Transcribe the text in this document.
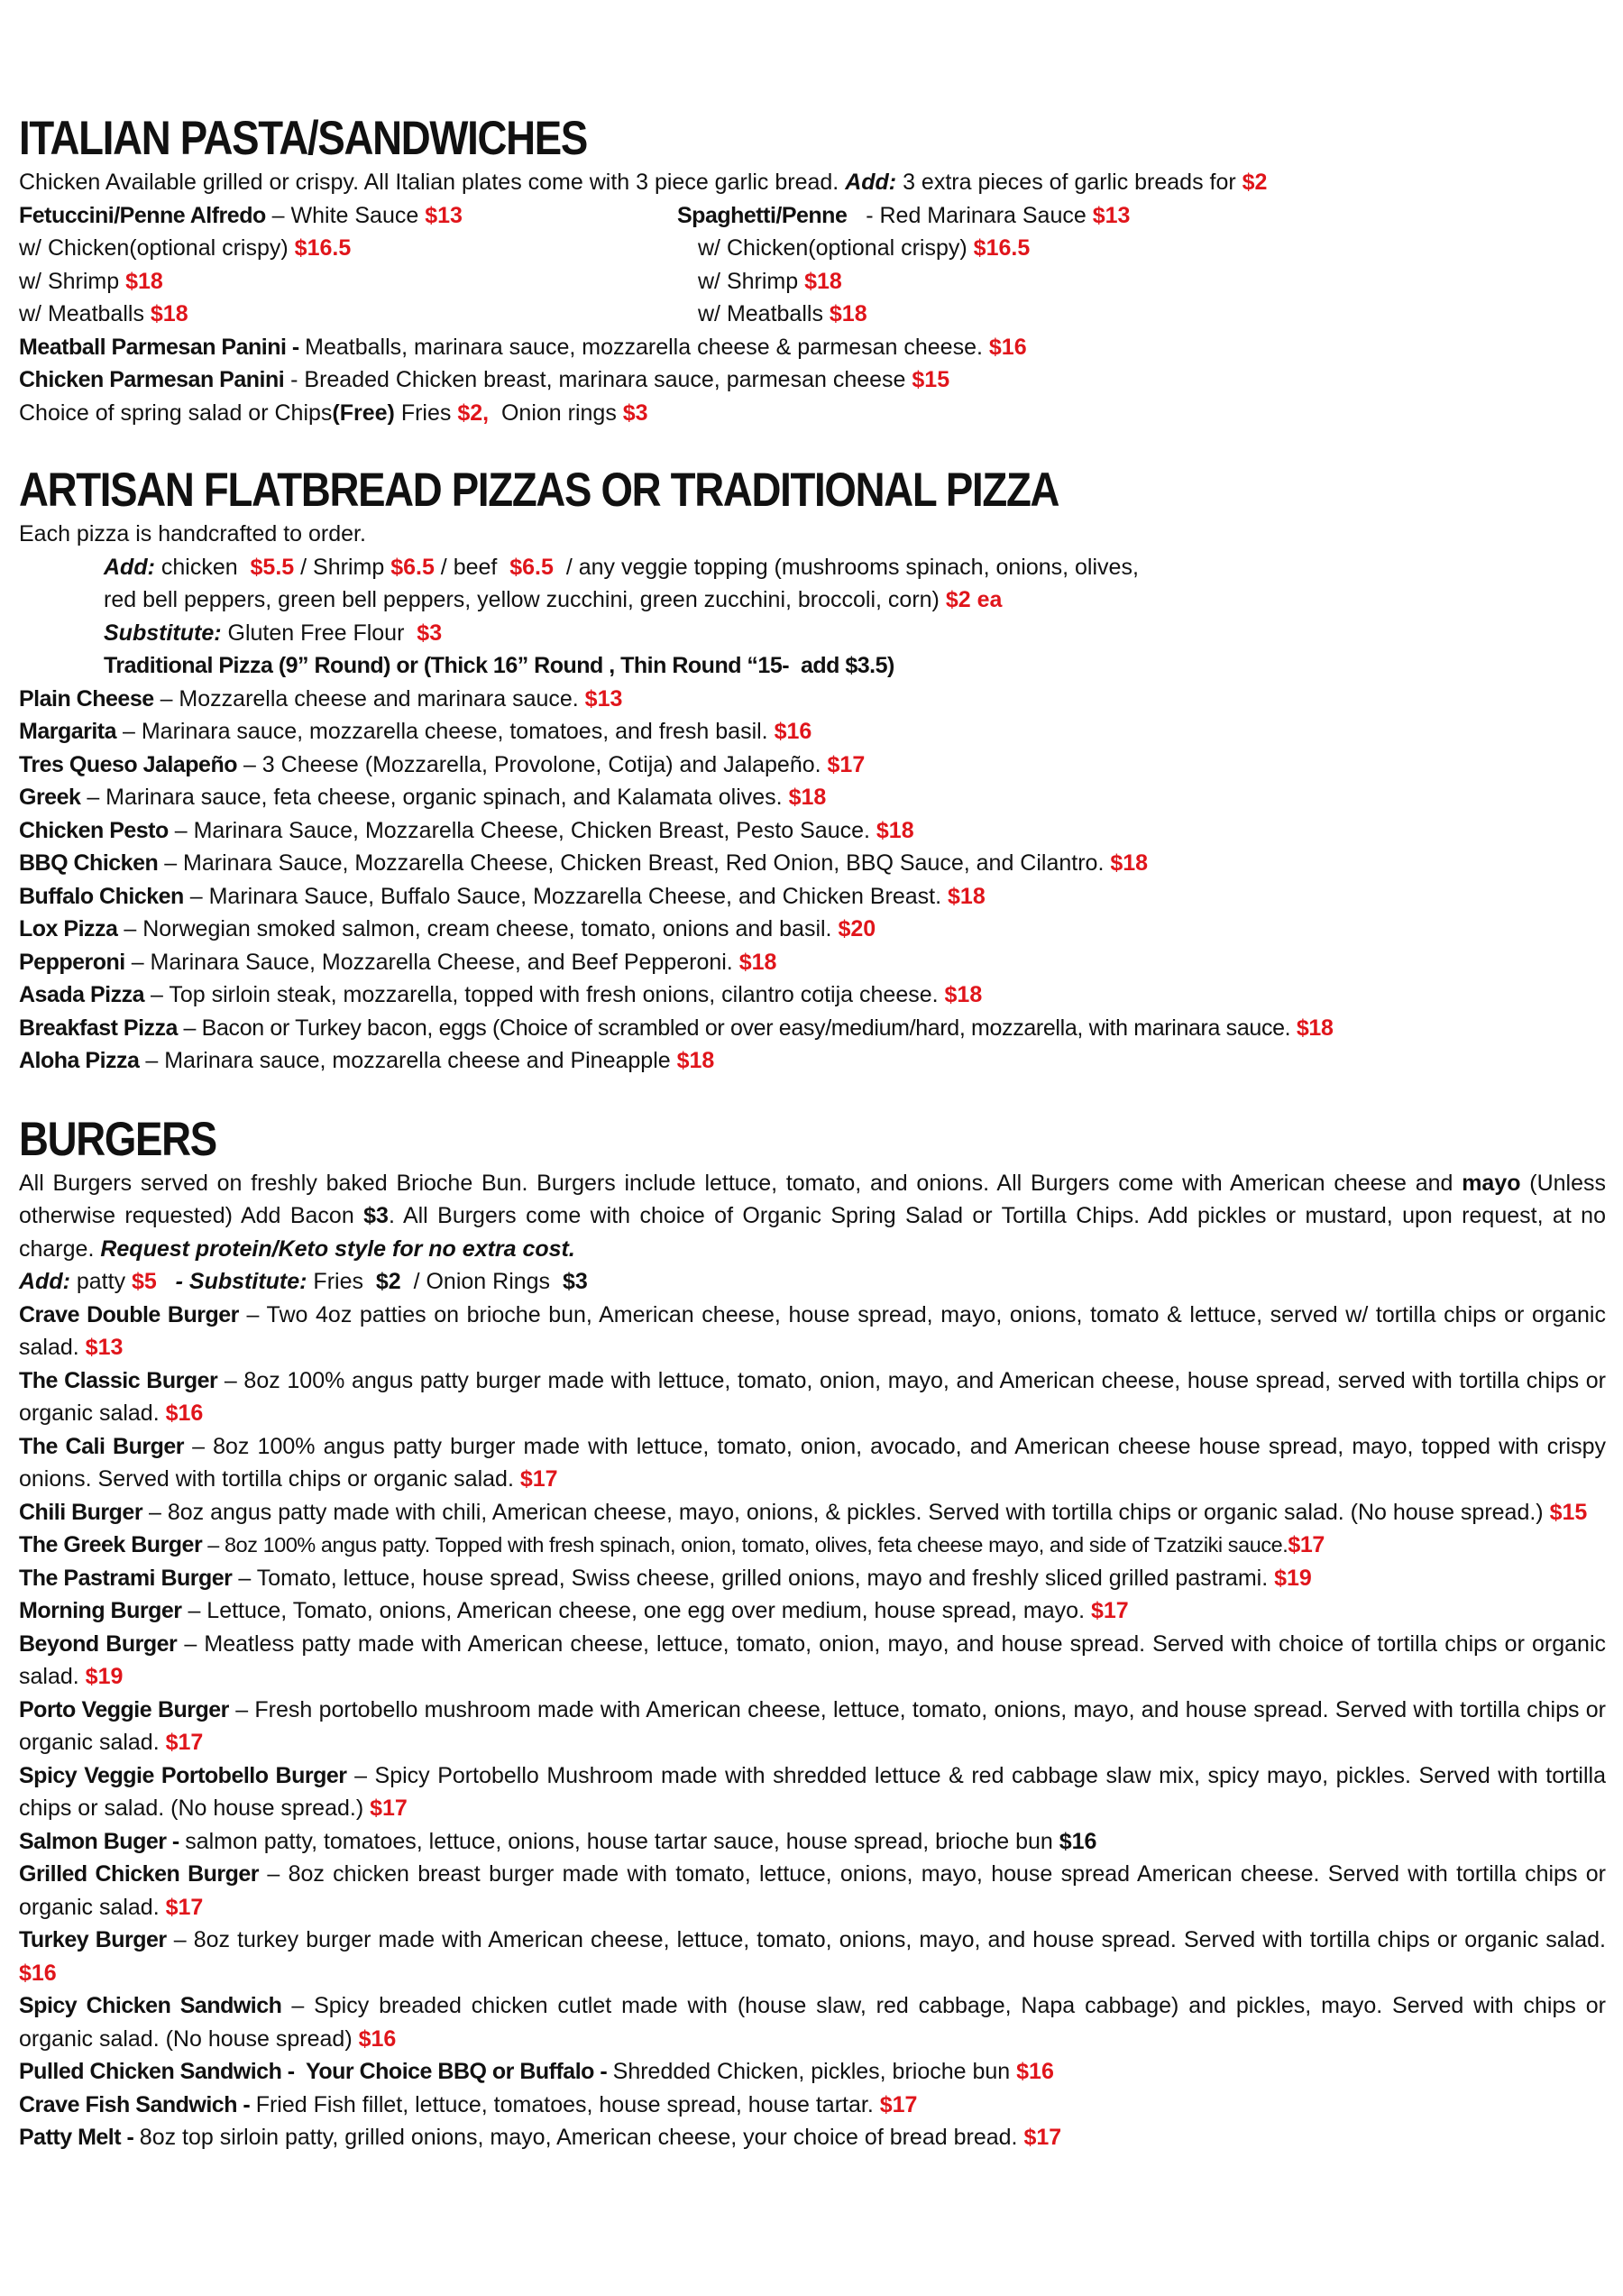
ITALIAN PASTA/SANDWICHES

Chicken Available grilled or crispy. All Italian plates come with 3 piece garlic bread. Add: 3 extra pieces of garlic breads for $2

Fetuccini/Penne Alfredo – White Sauce $13
w/ Chicken(optional crispy) $16.5
w/ Shrimp $18
w/ Meatballs $18
Spaghetti/Penne   - Red Marinara Sauce $13
w/ Chicken(optional crispy) $16.5
w/ Shrimp $18
w/ Meatballs $18
Meatball Parmesan Panini - Meatballs, marinara sauce, mozzarella cheese & parmesan cheese. $16
Chicken Parmesan Panini - Breaded Chicken breast, marinara sauce, parmesan cheese $15
Choice of spring salad or Chips(Free) Fries $2,  Onion rings $3
ARTISAN FLATBREAD PIZZAS OR TRADITIONAL PIZZA
Each pizza is handcrafted to order.
Add: chicken  $5.5 / Shrimp $6.5 / beef  $6.5  / any veggie topping (mushrooms spinach, onions, olives,
red bell peppers, green bell peppers, yellow zucchini, green zucchini, broccoli, corn) $2 ea
Substitute: Gluten Free Flour  $3
Traditional Pizza (9” Round) or (Thick 16” Round , Thin Round “15-  add $3.5)
Plain Cheese – Mozzarella cheese and marinara sauce. $13
Margarita – Marinara sauce, mozzarella cheese, tomatoes, and fresh basil. $16
Tres Queso Jalapeño – 3 Cheese (Mozzarella, Provolone, Cotija) and Jalapeño. $17
Greek – Marinara sauce, feta cheese, organic spinach, and Kalamata olives. $18
Chicken Pesto – Marinara Sauce, Mozzarella Cheese, Chicken Breast, Pesto Sauce. $18
BBQ Chicken – Marinara Sauce, Mozzarella Cheese, Chicken Breast, Red Onion, BBQ Sauce, and Cilantro. $18
Buffalo Chicken – Marinara Sauce, Buffalo Sauce, Mozzarella Cheese, and Chicken Breast. $18
Lox Pizza – Norwegian smoked salmon, cream cheese, tomato, onions and basil. $20
Pepperoni – Marinara Sauce, Mozzarella Cheese, and Beef Pepperoni. $18
Asada Pizza – Top sirloin steak, mozzarella, topped with fresh onions, cilantro cotija cheese. $18
Breakfast Pizza – Bacon or Turkey bacon, eggs (Choice of scrambled or over easy/medium/hard, mozzarella, with marinara sauce. $18
Aloha Pizza – Marinara sauce, mozzarella cheese and Pineapple $18
BURGERS

All Burgers served on freshly baked Brioche Bun. Burgers include lettuce, tomato, and onions. All Burgers come with American cheese and mayo (Unless otherwise requested) Add Bacon $3. All Burgers come with choice of Organic Spring Salad or Tortilla Chips. Add pickles or mustard, upon request, at no charge. Request protein/Keto style for no extra cost.

Add: patty $5   - Substitute: Fries  $2  / Onion Rings  $3

Crave Double Burger – Two 4oz patties on brioche bun, American cheese, house spread, mayo, onions, tomato & lettuce, served w/ tortilla chips or organic salad. $13

The Classic Burger – 8oz 100% angus patty burger made with lettuce, tomato, onion, mayo, and American cheese, house spread, served with tortilla chips or organic salad. $16

The Cali Burger – 8oz 100% angus patty burger made with lettuce, tomato, onion, avocado, and American cheese house spread, mayo, topped with crispy onions. Served with tortilla chips or organic salad. $17

Chili Burger – 8oz angus patty made with chili, American cheese, mayo, onions, & pickles. Served with tortilla chips or organic salad. (No house spread.) $15

The Greek Burger – 8oz 100% angus patty. Topped with fresh spinach, onion, tomato, olives, feta cheese mayo, and side of Tzatziki sauce.$17

The Pastrami Burger – Tomato, lettuce, house spread, Swiss cheese, grilled onions, mayo and freshly sliced grilled pastrami. $19

Morning Burger – Lettuce, Tomato, onions, American cheese, one egg over medium, house spread, mayo. $17

Beyond Burger – Meatless patty made with American cheese, lettuce, tomato, onion, mayo, and house spread. Served with choice of tortilla chips or organic salad. $19

Porto Veggie Burger – Fresh portobello mushroom made with American cheese, lettuce, tomato, onions, mayo, and house spread. Served with tortilla chips or organic salad. $17

Spicy Veggie Portobello Burger – Spicy Portobello Mushroom made with shredded lettuce & red cabbage slaw mix, spicy mayo, pickles. Served with tortilla chips or salad. (No house spread.) $17

Salmon Buger - salmon patty, tomatoes, lettuce, onions, house tartar sauce, house spread, brioche bun $16

Grilled Chicken Burger – 8oz chicken breast burger made with tomato, lettuce, onions, mayo, house spread American cheese. Served with tortilla chips or organic salad. $17

Turkey Burger – 8oz turkey burger made with American cheese, lettuce, tomato, onions, mayo, and house spread. Served with tortilla chips or organic salad. $16

Spicy Chicken Sandwich – Spicy breaded chicken cutlet made with (house slaw, red cabbage, Napa cabbage) and pickles, mayo. Served with chips or organic salad. (No house spread) $16

Pulled Chicken Sandwich -  Your Choice BBQ or Buffalo - Shredded Chicken, pickles, brioche bun $16

Crave Fish Sandwich - Fried Fish fillet, lettuce, tomatoes, house spread, house tartar. $17

Patty Melt - 8oz top sirloin patty, grilled onions, mayo, American cheese, your choice of bread bread. $17
